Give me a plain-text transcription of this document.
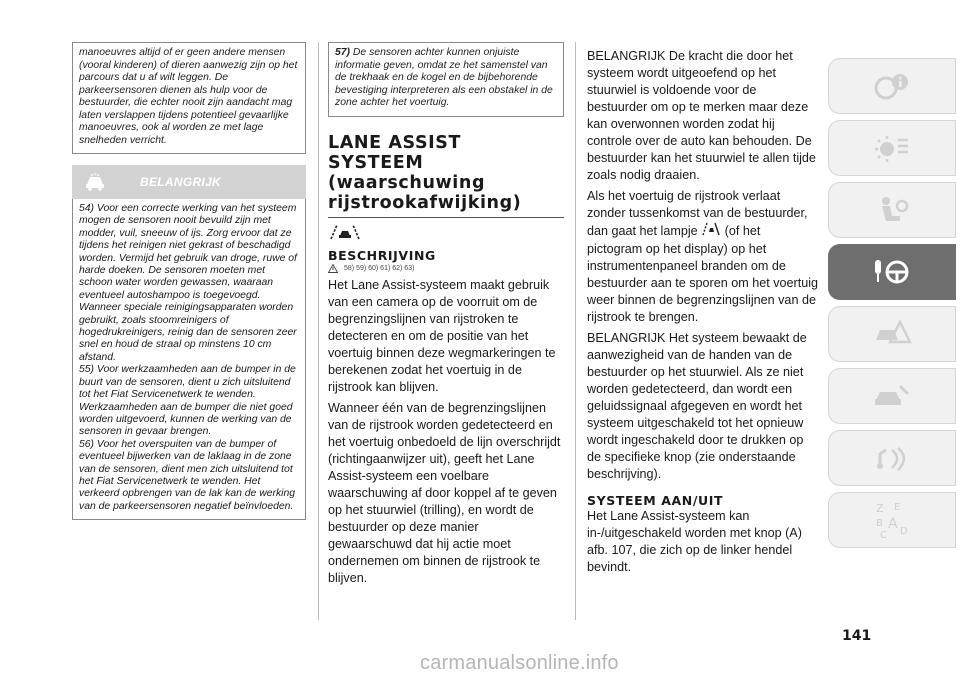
manoeuvres altijd of er geen andere mensen (vooral kinderen) of dieren aanwezig zijn op het parcours dat u af wilt leggen. De parkeersensoren dienen als hulp voor de bestuurder, die echter nooit zijn aandacht mag laten verslappen tijdens potentieel gevaarlijke manoeuvres, ook al worden ze met lage snelheden verricht.

BELANGRIJK

54) Voor een correcte werking van het systeem mogen de sensoren nooit bevuild zijn met modder, vuil, sneeuw of ijs. Zorg ervoor dat ze tijdens het reinigen niet gekrast of beschadigd worden. Vermijd het gebruik van droge, ruwe of harde doeken. De sensoren moeten met schoon water worden gewassen, waaraan eventueel autoshampoo is toegevoegd. Wanneer speciale reinigingsapparaten worden gebruikt, zoals stoomreinigers of hogedrukreinigers, reinig dan de sensoren zeer snel en houd de straal op minstens 10 cm afstand.

55) Voor werkzaamheden aan de bumper in de buurt van de sensoren, dient u zich uitsluitend tot het Fiat Servicenetwerk te wenden. Werkzaamheden aan de bumper die niet goed worden uitgevoerd, kunnen de werking van de sensoren in gevaar brengen.

56) Voor het overspuiten van de bumper of eventueel bijwerken van de laklaag in de zone van de sensoren, dient men zich uitsluitend tot het Fiat Servicenetwerk te wenden. Het verkeerd opbrengen van de lak kan de werking van de parkeersensoren negatief beïnvloeden.

57) De sensoren achter kunnen onjuiste informatie geven, omdat ze het samenstel van de trekhaak en de kogel en de bijbehorende bevestiging interpreteren als een obstakel in de zone achter het voertuig.

LANE ASSIST
SYSTEEM
(waarschuwing
rijstrookafwijking)
BESCHRIJVING
58) 59) 60) 61) 62) 63)

Het Lane Assist-systeem maakt gebruik van een camera op de voorruit om de begrenzingslijnen van rijstroken te detecteren en om de positie van het voertuig binnen deze wegmarkeringen te berekenen zodat het voertuig in de rijstrook kan blijven.

Wanneer één van de begrenzingslijnen van de rijstrook worden gedetecteerd en het voertuig onbedoeld de lijn overschrijdt (richtingaanwijzer uit), geeft het Lane Assist-systeem een voelbare waarschuwing af door koppel af te geven op het stuurwiel (trilling), en wordt de bestuurder op deze manier gewaarschuwd dat hij actie moet ondernemen om binnen de rijstrook te blijven.

BELANGRIJK De kracht die door het systeem wordt uitgeoefend op het stuurwiel is voldoende voor de bestuurder om op te merken maar deze kan overwonnen worden zodat hij controle over de auto kan behouden. De bestuurder kan het stuurwiel te allen tijde zoals nodig draaien.

Als het voertuig de rijstrook verlaat zonder tussenkomst van de bestuurder, dan gaat het lampje (of het pictogram op het display) op het instrumentenpaneel branden om de bestuurder aan te sporen om het voertuig weer binnen de begrenzingslijnen van de rijstrook te brengen.

BELANGRIJK Het systeem bewaakt de aanwezigheid van de handen van de bestuurder op het stuurwiel. Als ze niet worden gedetecteerd, dan wordt een geluidssignaal afgegeven en wordt het systeem uitgeschakeld tot het opnieuw wordt ingeschakeld door te drukken op de specifieke knop (zie onderstaande beschrijving).

SYSTEEM AAN/UIT

Het Lane Assist-systeem kan in-/uitgeschakeld worden met knop (A) afb. 107, die zich op de linker hendel bevindt.

Z E
B A
C D
141
carmanualsonline.info
